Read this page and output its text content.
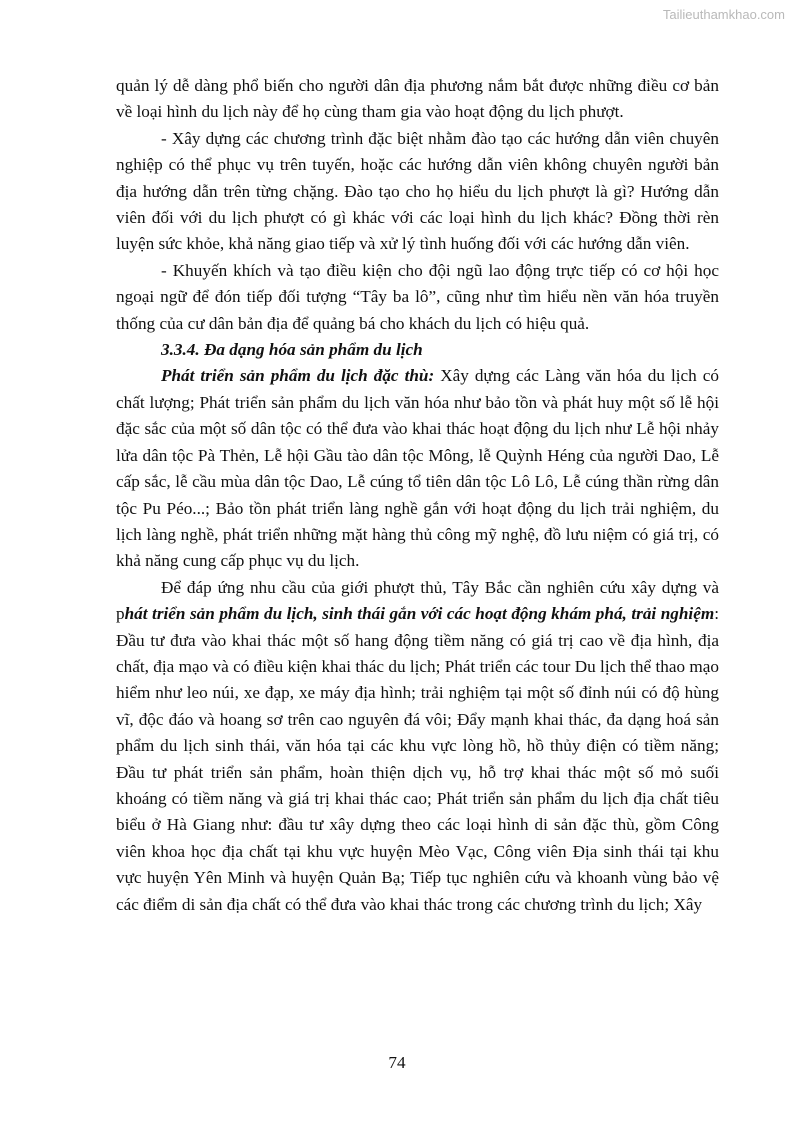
Tailieuthamkhao.com

quản lý dễ dàng phổ biến cho người dân địa phương nắm bắt được những điều cơ bản về loại hình du lịch này để họ cùng tham gia vào hoạt động du lịch phượt.

- Xây dựng các chương trình đặc biệt nhằm đào tạo các hướng dẫn viên chuyên nghiệp có thể phục vụ trên tuyến, hoặc các hướng dẫn viên không chuyên người bản địa hướng dẫn trên từng chặng. Đào tạo cho họ hiểu du lịch phượt là gì? Hướng dẫn viên đối với du lịch phượt có gì khác với các loại hình du lịch khác? Đồng thời rèn luyện sức khỏe, khả năng giao tiếp và xử lý tình huống đối với các hướng dẫn viên.

- Khuyến khích và tạo điều kiện cho đội ngũ lao động trực tiếp có cơ hội học ngoại ngữ để đón tiếp đối tượng “Tây ba lô”, cũng như tìm hiểu nền văn hóa truyền thống của cư dân bản địa để quảng bá cho khách du lịch có hiệu quả.

3.3.4. Đa dạng hóa sản phẩm du lịch

Phát triển sản phẩm du lịch đặc thù: Xây dựng các Làng văn hóa du lịch có chất lượng; Phát triển sản phẩm du lịch văn hóa như bảo tồn và phát huy một số lễ hội đặc sắc của một số dân tộc có thể đưa vào khai thác hoạt động du lịch như Lễ hội nhảy lửa dân tộc Pà Thẻn, Lễ hội Gầu tào dân tộc Mông, lễ Quỳnh Héng của người Dao, Lễ cấp sắc, lễ cầu mùa dân tộc Dao, Lễ cúng tổ tiên dân tộc Lô Lô, Lễ cúng thần rừng dân tộc Pu Péo...; Bảo tồn phát triển làng nghề gắn với hoạt động du lịch trải nghiệm, du lịch làng nghề, phát triển những mặt hàng thủ công mỹ nghệ, đồ lưu niệm có giá trị, có khả năng cung cấp phục vụ du lịch.

Để đáp ứng nhu cầu của giới phượt thủ, Tây Bắc cần nghiên cứu xây dựng và phát triển sản phẩm du lịch, sinh thái gắn với các hoạt động khám phá, trải nghiệm: Đầu tư đưa vào khai thác một số hang động tiềm năng có giá trị cao về địa hình, địa chất, địa mạo và có điều kiện khai thác du lịch; Phát triển các tour Du lịch thể thao mạo hiểm như leo núi, xe đạp, xe máy địa hình; trải nghiệm tại một số đỉnh núi có độ hùng vĩ, độc đáo và hoang sơ trên cao nguyên đá vôi; Đẩy mạnh khai thác, đa dạng hoá sản phẩm du lịch sinh thái, văn hóa tại các khu vực lòng hồ, hồ thủy điện có tiềm năng; Đầu tư phát triển sản phẩm, hoàn thiện dịch vụ, hỗ trợ khai thác một số mỏ suối khoáng có tiềm năng và giá trị khai thác cao; Phát triển sản phẩm du lịch địa chất tiêu biểu ở Hà Giang như: đầu tư xây dựng theo các loại hình di sản đặc thù, gồm Công viên khoa học địa chất tại khu vực huyện Mèo Vạc, Công viên Địa sinh thái tại khu vực huyện Yên Minh và huyện Quản Bạ; Tiếp tục nghiên cứu và khoanh vùng bảo vệ các điểm di sản địa chất có thể đưa vào khai thác trong các chương trình du lịch; Xây

74
